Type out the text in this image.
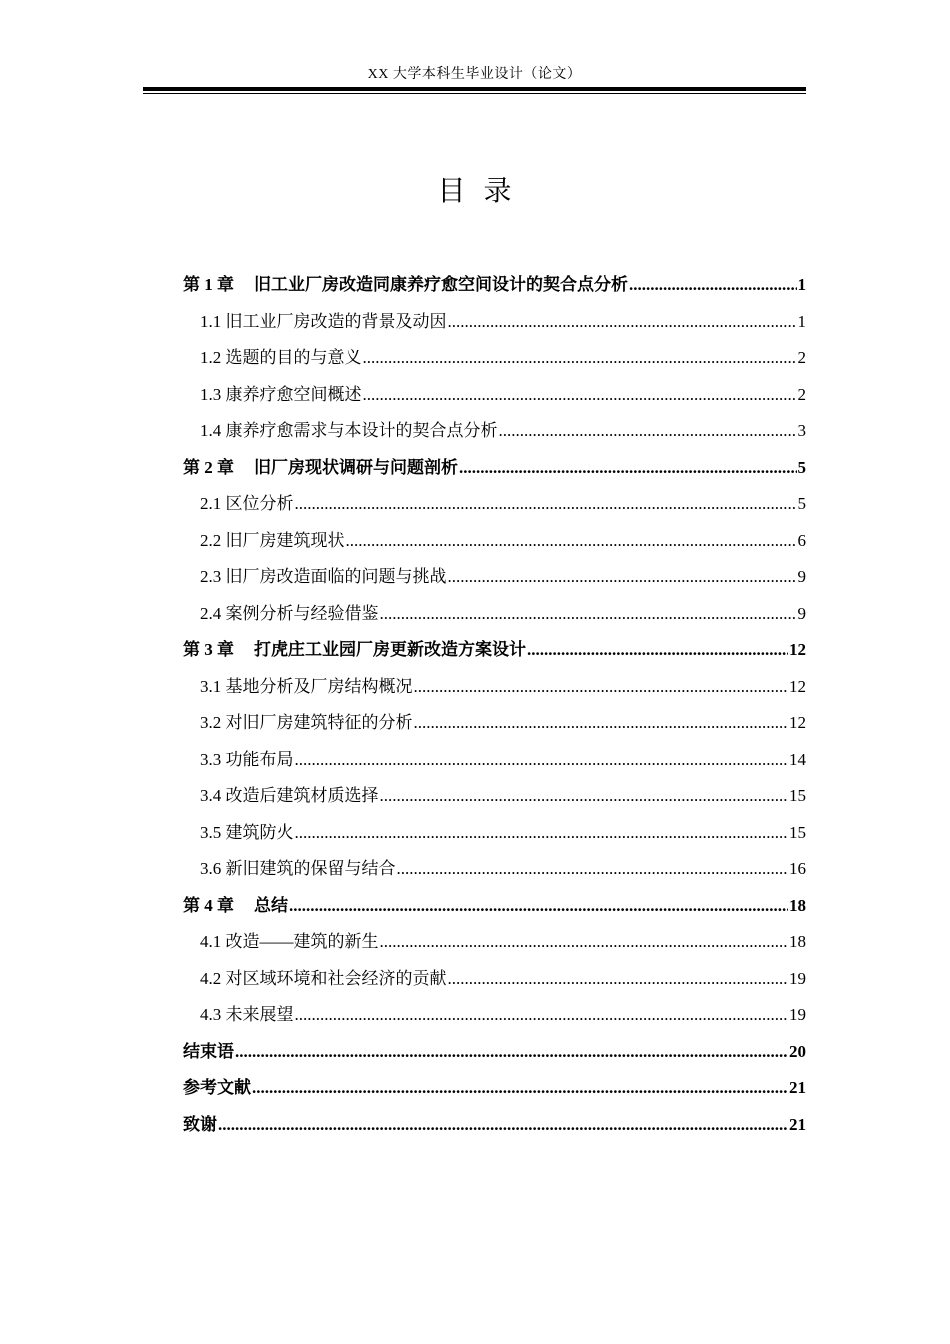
XX 大学本科生毕业设计（论文）
目 录
第 1 章 旧工业厂房改造同康养疗愈空间设计的契合点分析 .....	1
1.1 旧工业厂房改造的背景及动因 .....	1
1.2 选题的目的与意义 .....	2
1.3 康养疗愈空间概述 .....	2
1.4 康养疗愈需求与本设计的契合点分析 .....	3
第 2 章 旧厂房现状调研与问题剖析 .....	5
2.1 区位分析 .....	5
2.2 旧厂房建筑现状 .....	6
2.3 旧厂房改造面临的问题与挑战 .....	9
2.4 案例分析与经验借鉴 .....	9
第 3 章 打虎庄工业园厂房更新改造方案设计 .....	12
3.1 基地分析及厂房结构概况 .....	12
3.2 对旧厂房建筑特征的分析 .....	12
3.3 功能布局 .....	14
3.4 改造后建筑材质选择 .....	15
3.5 建筑防火 .....	15
3.6 新旧建筑的保留与结合 .....	16
第 4 章 总结 .....	18
4.1 改造——建筑的新生 .....	18
4.2 对区域环境和社会经济的贡献 .....	19
4.3 未来展望 .....	19
结束语 .....	20
参考文献 .....	21
致谢 .....	21
